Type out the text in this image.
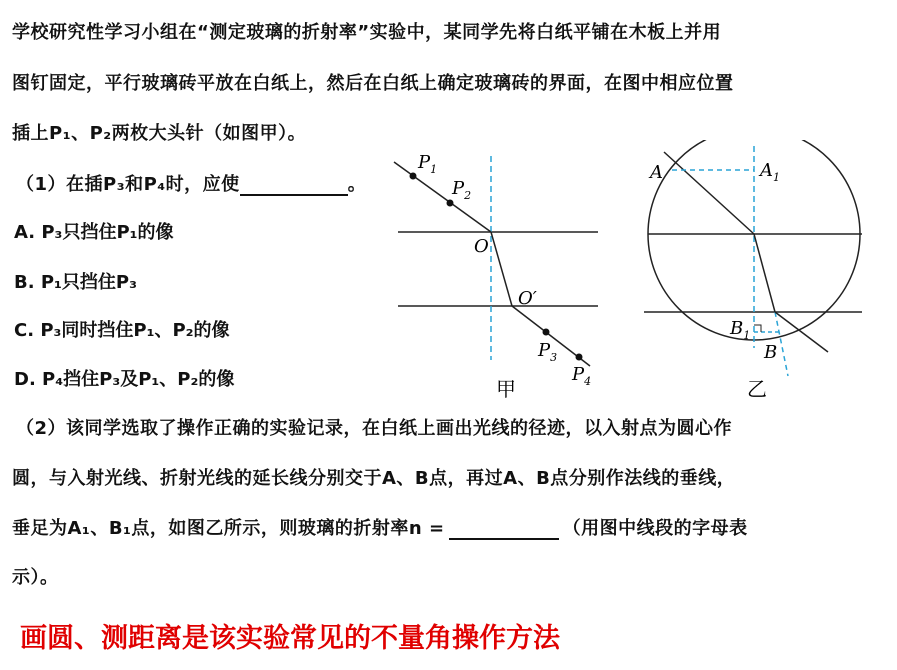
学校研究性学习小组在“测定玻璃的折射率”实验中，某同学先将白纸平铺在木板上并用
图钉固定，平行玻璃砖平放在白纸上，然后在白纸上确定玻璃砖的界面，在图中相应位置
插上P₁、P₂两枚大头针（如图甲）。
（1）在插P₃和P₄时，应使	。
A. P₃只挡住P₁的像
B. P₁只挡住P₃
C. P₃同时挡住P₁、P₂的像
D. P₄挡住P₃及P₁、P₂的像
（2）该同学选取了操作正确的实验记录，在白纸上画出光线的径迹，以入射点为圆心作
圆，与入射光线、折射光线的延长线分别交于A、B点，再过A、B点分别作法线的垂线，
垂足为A₁、B₁点，如图乙所示，则玻璃的折射率n =	（用图中线段的字母表
示）。
画圆、测距离是该实验常见的不量角操作方法
$P_1$
$P_2$
O
O′
$P_3$
$P_4$
甲
A	$A_1$
$B_1$
B
乙
